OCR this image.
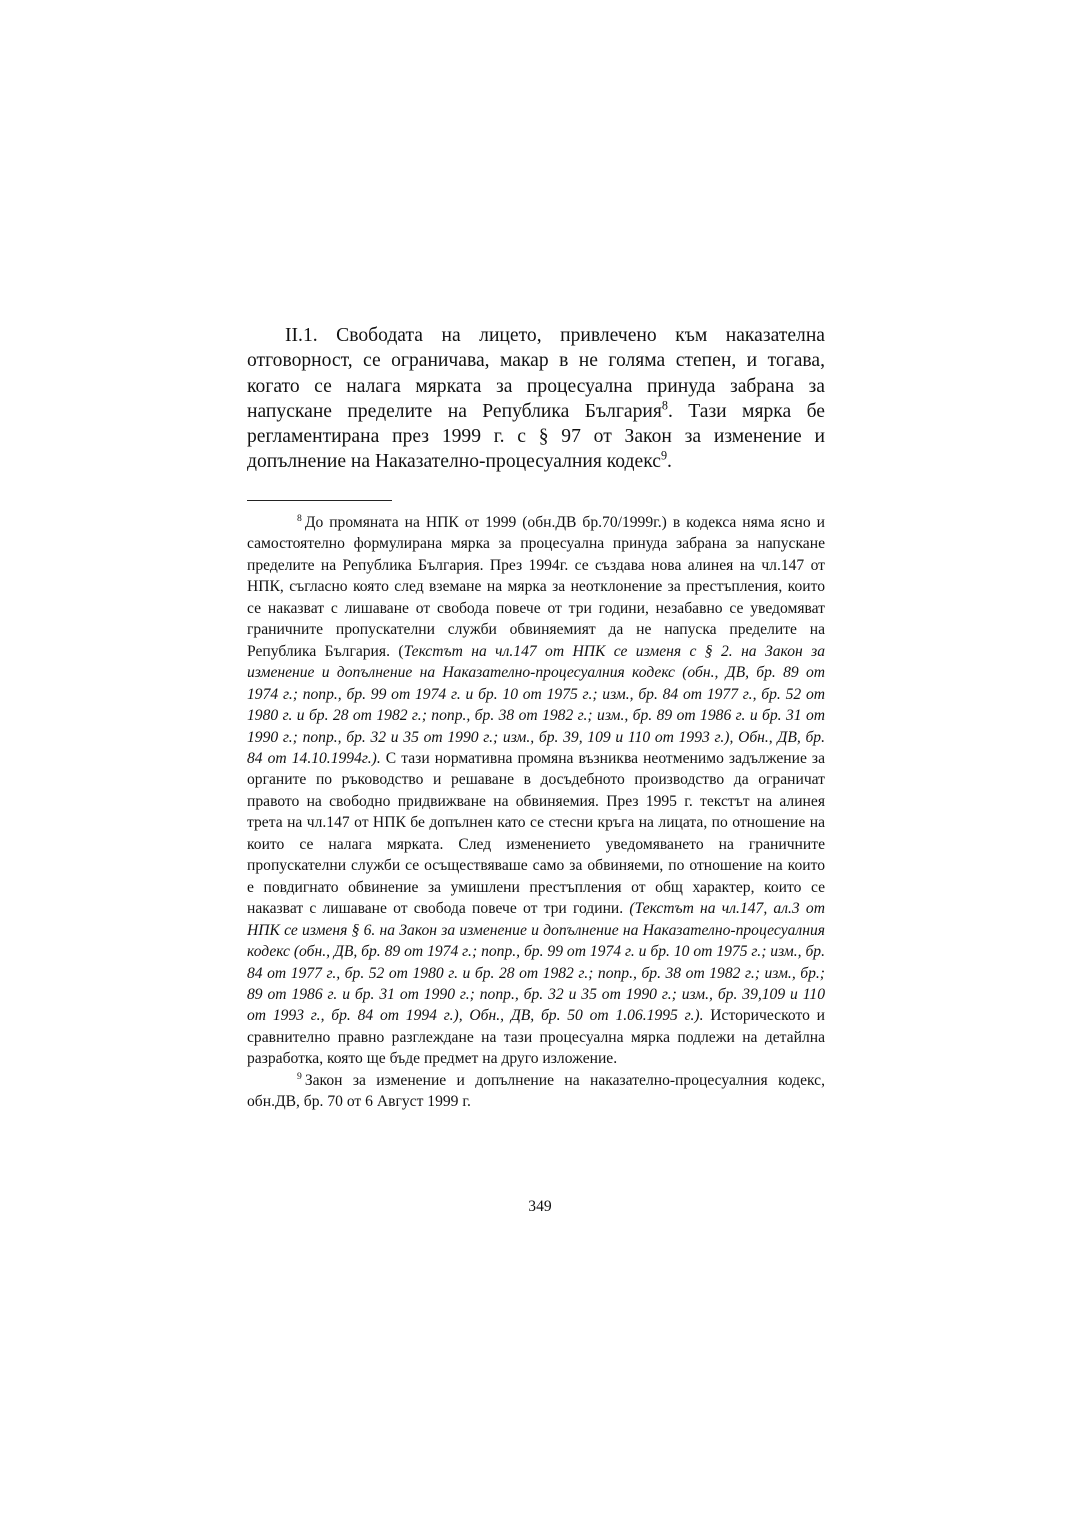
II.1. Свободата на лицето, привлечено към наказателна отговорност, се ограничава, макар в не голяма степен, и тогава, когато се налага мярката за процесуална принуда забрана за напускане пределите на Република България$^8$. Тази мярка бе регламентирана през 1999 г. с § 97 от Закон за изменение и допълнение на Наказателно-процесуалния кодекс$^9$.

$^8$ До промяната на НПК от 1999 (обн.ДВ бр.70/1999г.) в кодекса няма ясно и самостоятелно формулирана мярка за процесуална принуда забрана за напускане пределите на Република България. През 1994г. се създава нова алинея на чл.147 от НПК, съгласно която след вземане на мярка за неотклонение за престъпления, които се наказват с лишаване от свобода повече от три години, незабавно се уведомяват граничните пропускателни служби обвиняемият да не напуска пределите на Република България. (Текстът на чл.147 от НПК се изменя с § 2. на Закон за изменение и допълнение на Наказателно-процесуалния кодекс (обн., ДВ, бр. 89 от 1974 г.; попр., бр. 99 от 1974 г. и бр. 10 от 1975 г.; изм., бр. 84 от 1977 г., бр. 52 от 1980 г. и бр. 28 от 1982 г.; попр., бр. 38 от 1982 г.; изм., бр. 89 от 1986 г. и бр. 31 от 1990 г.; попр., бр. 32 и 35 от 1990 г.; изм., бр. 39, 109 и 110 от 1993 г.), Обн., ДВ, бр. 84 от 14.10.1994г.). С тази нормативна промяна възниква неотменимо задължение за органите по ръководство и решаване в досъдебното производство да ограничат правото на свободно придвижване на обвиняемия. През 1995 г. текстът на алинея трета на чл.147 от НПК бе допълнен като се стесни кръга на лицата, по отношение на които се налага мярката. След изменението уведомяването на граничните пропускателни служби се осъществяваше само за обвиняеми, по отношение на които е повдигнато обвинение за умишлени престъпления от общ характер, които се наказват с лишаване от свобода повече от три години. (Текстът на чл.147, ал.3 от НПК се изменя § 6. на Закон за изменение и допълнение на Наказателно-процесуалния кодекс (обн., ДВ, бр. 89 от 1974 г.; попр., бр. 99 от 1974 г. и бр. 10 от 1975 г.; изм., бр. 84 от 1977 г., бр. 52 от 1980 г. и бр. 28 от 1982 г.; попр., бр. 38 от 1982 г.; изм., бр.; 89 от 1986 г. и бр. 31 от 1990 г.; попр., бр. 32 и 35 от 1990 г.; изм., бр. 39,109 и 110 от 1993 г., бр. 84 от 1994 г.), Обн., ДВ, бр. 50 от 1.06.1995 г.). Историческото и сравнително правно разглеждане на тази процесуална мярка подлежи на детайлна разработка, която ще бъде предмет на друго изложение.

$^9$ Закон за изменение и допълнение на наказателно-процесуалния кодекс, обн.ДВ, бр. 70 от 6 Август 1999 г.

349
